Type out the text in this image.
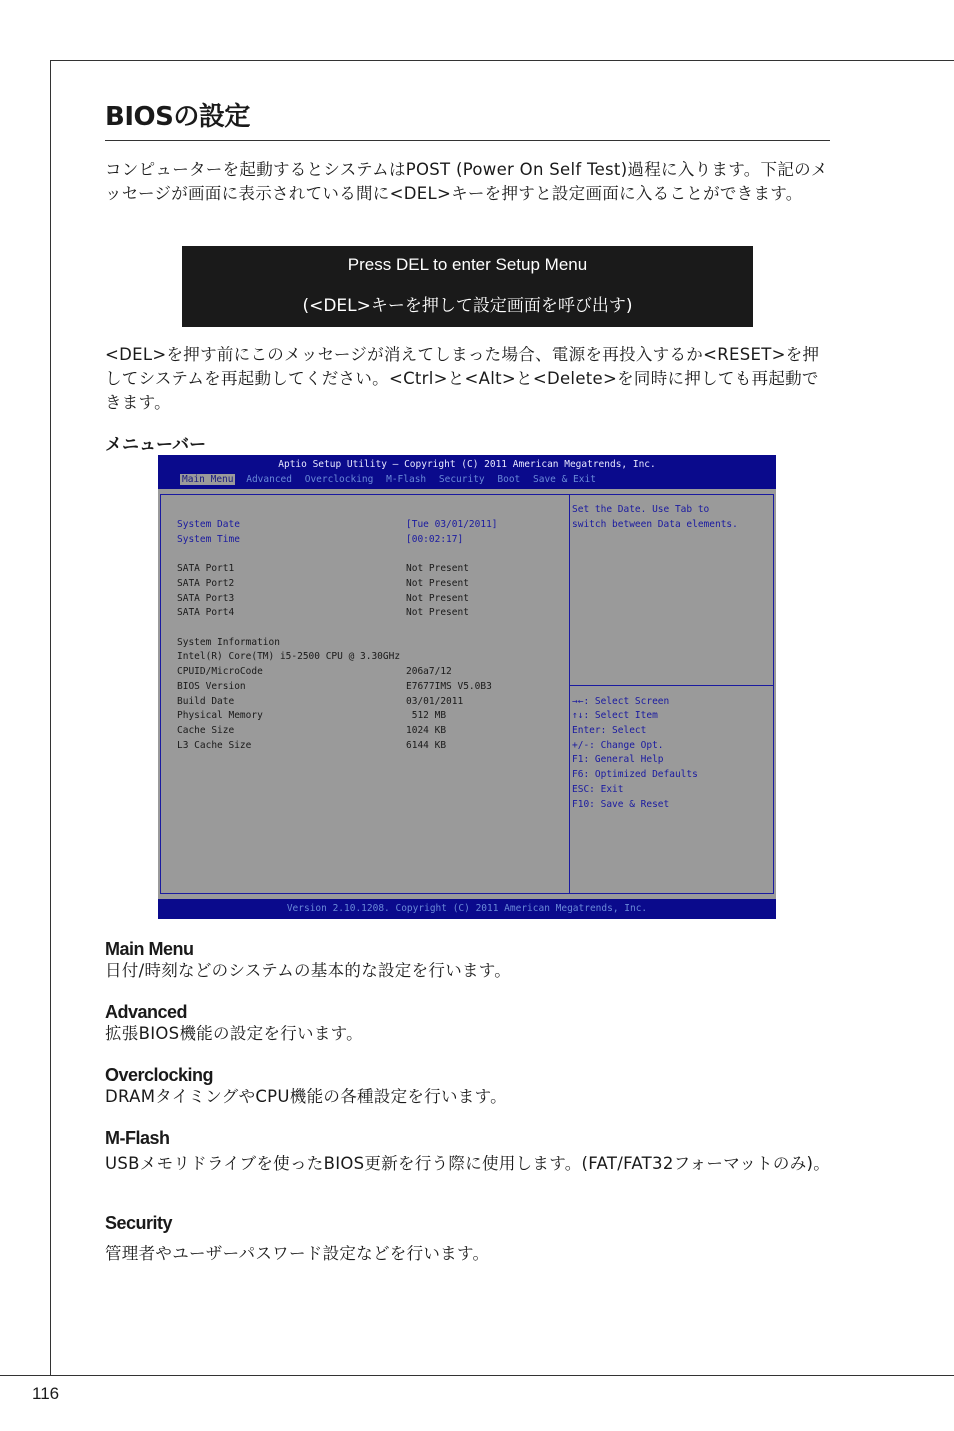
BIOSの設定
コンピューターを起動するとシステムはPOST (Power On Self Test)過程に入ります。下記のメッセージが画面に表示されている間に<DEL>キーを押すと設定画面に入ることができます。
Press DEL to enter Setup Menu
(<DEL>キーを押して設定画面を呼び出す)
<DEL>を押す前にこのメッセージが消えてしまった場合、電源を再投入するか<RESET>を押してシステムを再起動してください。<Ctrl>と<Alt>と<Delete>を同時に押しても再起動できます。
メニューバー
Aptio Setup Utility – Copyright (C) 2011 American Megatrends, Inc.
Main Menu Advanced Overclocking M-Flash Security Boot Save & Exit
System Date	[Tue 03/01/2011]
System Time	[00:02:17]
SATA Port1	Not Present
SATA Port2	Not Present
SATA Port3	Not Present
SATA Port4	Not Present
System Information
Intel(R) Core(TM) i5-2500 CPU @ 3.30GHz
CPUID/MicroCode	206a7/12
BIOS Version	E7677IMS V5.0B3
Build Date	03/01/2011
Physical Memory	512 MB
Cache Size	1024 KB
L3 Cache Size	6144 KB
Set the Date. Use Tab to
switch between Data elements.
→←: Select Screen
↑↓: Select Item
Enter: Select
+/-: Change Opt.
F1: General Help
F6: Optimized Defaults
ESC: Exit
F10: Save & Reset
Version 2.10.1208. Copyright (C) 2011 American Megatrends, Inc.
Main Menu
日付/時刻などのシステムの基本的な設定を行います。
Advanced
拡張BIOS機能の設定を行います。
Overclocking
DRAMタイミングやCPU機能の各種設定を行います。
M-Flash
USBメモリドライブを使ったBIOS更新を行う際に使用します。(FAT/FAT32フォーマットのみ)。
Security
管理者やユーザーパスワード設定などを行います。
116
